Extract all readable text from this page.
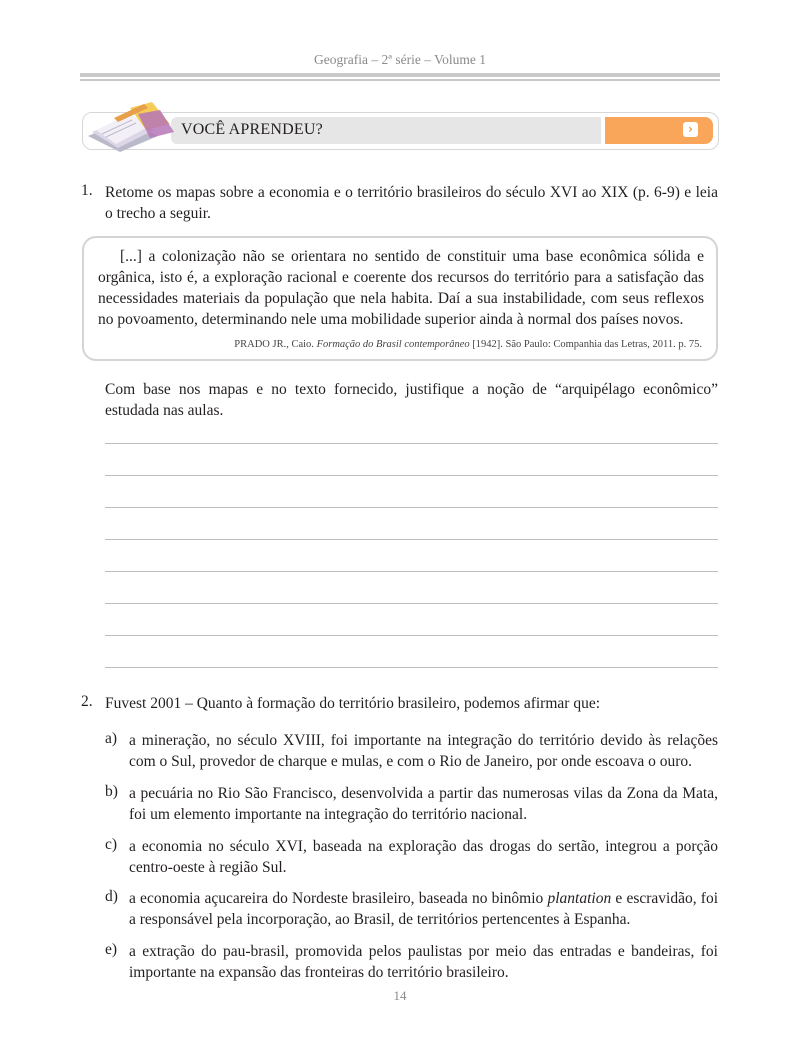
Geografia – 2ª série – Volume 1
VOCÊ APRENDEU?	›
1. Retome os mapas sobre a economia e o território brasileiros do século XVI ao XIX (p. 6-9) e leia o trecho a seguir.
[...] a colonização não se orientara no sentido de constituir uma base econômica sólida e orgânica, isto é, a exploração racional e coerente dos recursos do território para a satisfação das necessidades materiais da população que nela habita. Daí a sua instabilidade, com seus reflexos no povoamento, determinando nele uma mobilidade superior ainda à normal dos países novos.
PRADO JR., Caio. Formação do Brasil contemporâneo [1942]. São Paulo: Companhia das Letras, 2011. p. 75.
Com base nos mapas e no texto fornecido, justifique a noção de “arquipélago econômico” estudada nas aulas.
2. Fuvest 2001 – Quanto à formação do território brasileiro, podemos afirmar que:
a) a mineração, no século XVIII, foi importante na integração do território devido às relações com o Sul, provedor de charque e mulas, e com o Rio de Janeiro, por onde escoava o ouro.
b) a pecuária no Rio São Francisco, desenvolvida a partir das numerosas vilas da Zona da Mata, foi um elemento importante na integração do território nacional.
c) a economia no século XVI, baseada na exploração das drogas do sertão, integrou a porção centro-oeste à região Sul.
d) a economia açucareira do Nordeste brasileiro, baseada no binômio plantation e escravidão, foi a responsável pela incorporação, ao Brasil, de territórios pertencentes à Espanha.
e) a extração do pau-brasil, promovida pelos paulistas por meio das entradas e bandeiras, foi importante na expansão das fronteiras do território brasileiro.
14
